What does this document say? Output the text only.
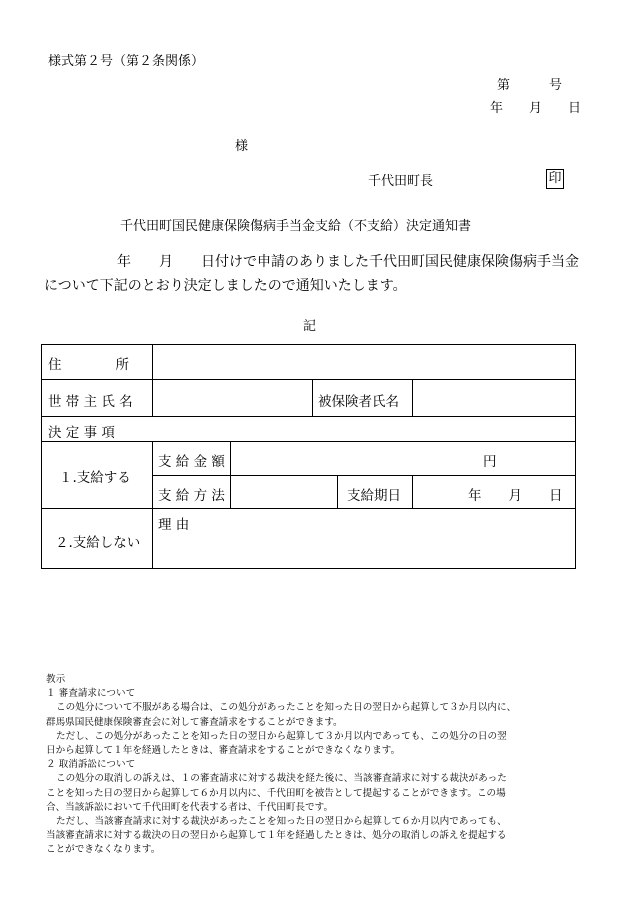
様式第２号（第２条関係）
第　　　号
年　　月　　日
様
千代田町長	印
千代田町国民健康保険傷病手当金支給（不支給）決定通知書
年　　月　　日付けで申請のありました千代田町国民健康保険傷病手当金
について下記のとおり決定しましたので通知いたします。
記
住　　　　所
世 帯 主 氏 名	被保険者氏名
決 定 事 項
１.支給する
支 給 金 額	円
支 給 方 法	支給期日	年　　月　　日
２.支給しない
理 由
教示
１ 審査請求について
この処分について不服がある場合は、この処分があったことを知った日の翌日から起算して３か月以内に、
群馬県国民健康保険審査会に対して審査請求をすることができます。
ただし、この処分があったことを知った日の翌日から起算して３か月以内であっても、この処分の日の翌
日から起算して１年を経過したときは、審査請求をすることができなくなります。
２ 取消訴訟について
この処分の取消しの訴えは、１の審査請求に対する裁決を経た後に、当該審査請求に対する裁決があった
ことを知った日の翌日から起算して６か月以内に、千代田町を被告として提起することができます。この場
合、当該訴訟において千代田町を代表する者は、千代田町長です。
ただし、当該審査請求に対する裁決があったことを知った日の翌日から起算して６か月以内であっても、
当該審査請求に対する裁決の日の翌日から起算して１年を経過したときは、処分の取消しの訴えを提起する
ことができなくなります。
